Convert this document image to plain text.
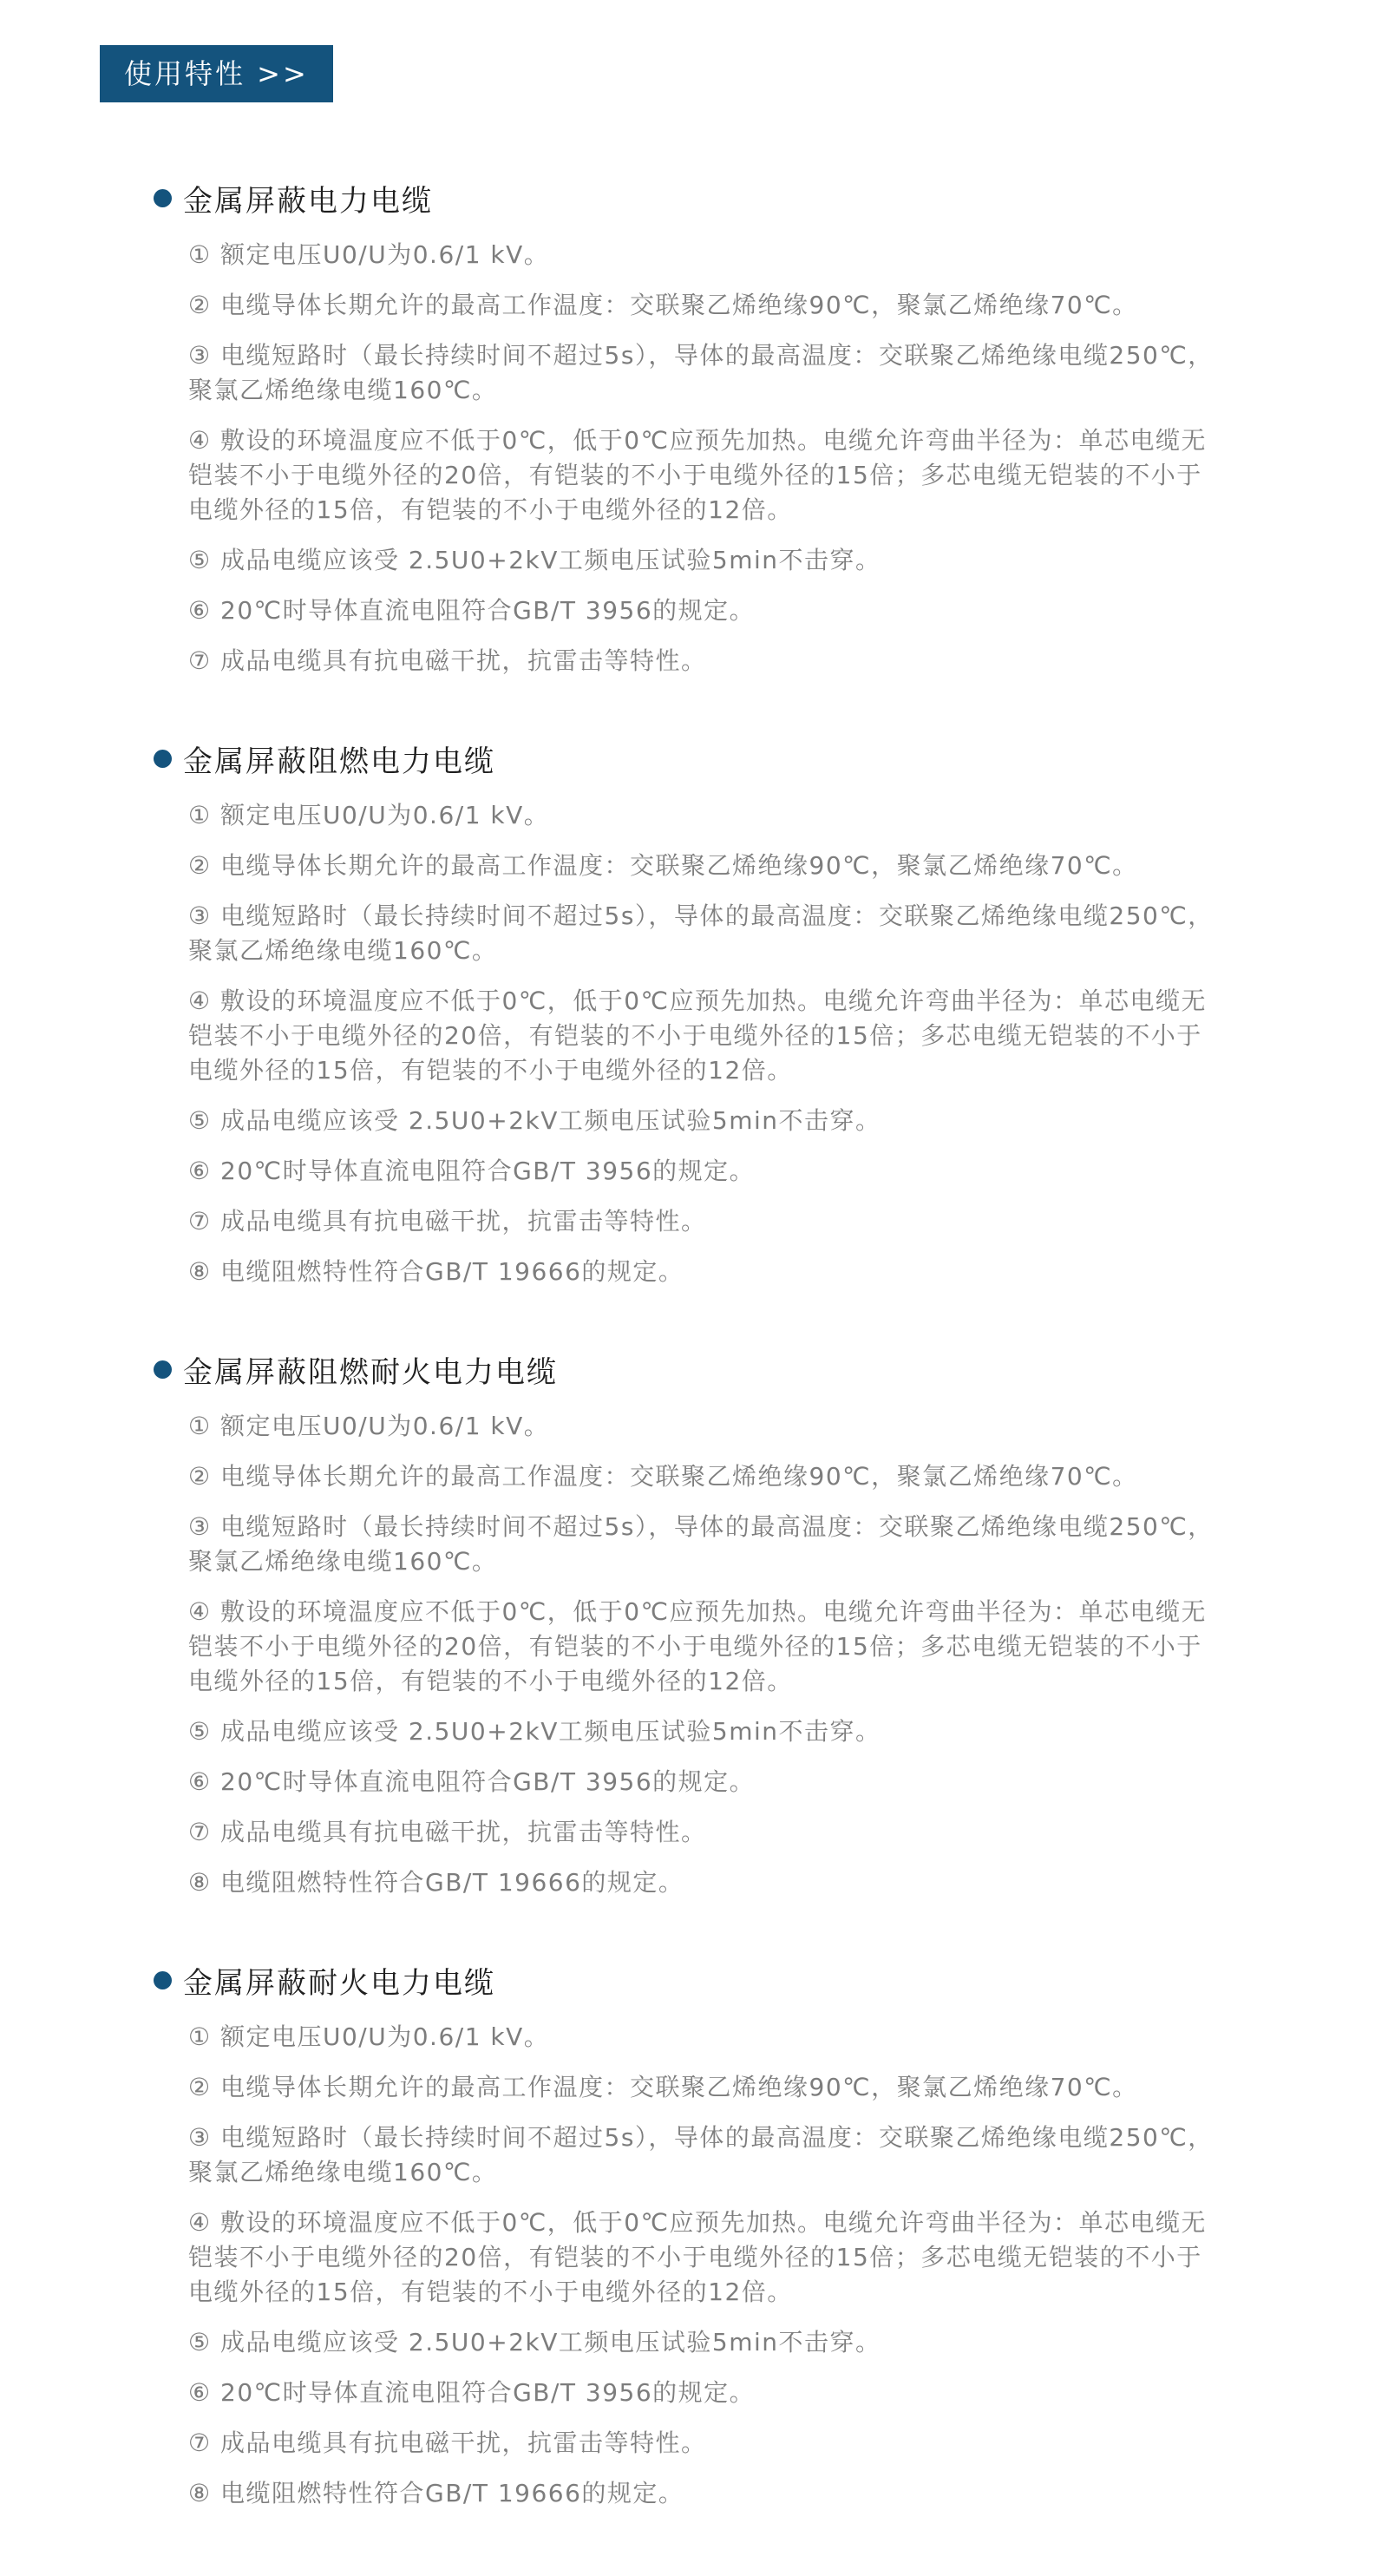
使用特性 >>
金属屏蔽电力电缆

① 额定电压U0/U为0.6/1 kV。

② 电缆导体长期允许的最高工作温度：交联聚乙烯绝缘90℃，聚氯乙烯绝缘70℃。

③ 电缆短路时（最长持续时间不超过5s），导体的最高温度：交联聚乙烯绝缘电缆250℃，聚氯乙烯绝缘电缆160℃。

④ 敷设的环境温度应不低于0℃，低于0℃应预先加热。电缆允许弯曲半径为：单芯电缆无铠装不小于电缆外径的20倍，有铠装的不小于电缆外径的15倍；多芯电缆无铠装的不小于电缆外径的15倍，有铠装的不小于电缆外径的12倍。

⑤ 成品电缆应该受 2.5U0+2kV工频电压试验5min不击穿。

⑥ 20℃时导体直流电阻符合GB/T 3956的规定。

⑦ 成品电缆具有抗电磁干扰，抗雷击等特性。

金属屏蔽阻燃电力电缆

① 额定电压U0/U为0.6/1 kV。

② 电缆导体长期允许的最高工作温度：交联聚乙烯绝缘90℃，聚氯乙烯绝缘70℃。

③ 电缆短路时（最长持续时间不超过5s），导体的最高温度：交联聚乙烯绝缘电缆250℃，聚氯乙烯绝缘电缆160℃。

④ 敷设的环境温度应不低于0℃，低于0℃应预先加热。电缆允许弯曲半径为：单芯电缆无铠装不小于电缆外径的20倍，有铠装的不小于电缆外径的15倍；多芯电缆无铠装的不小于电缆外径的15倍，有铠装的不小于电缆外径的12倍。

⑤ 成品电缆应该受 2.5U0+2kV工频电压试验5min不击穿。

⑥ 20℃时导体直流电阻符合GB/T 3956的规定。

⑦ 成品电缆具有抗电磁干扰，抗雷击等特性。

⑧ 电缆阻燃特性符合GB/T 19666的规定。

金属屏蔽阻燃耐火电力电缆

① 额定电压U0/U为0.6/1 kV。

② 电缆导体长期允许的最高工作温度：交联聚乙烯绝缘90℃，聚氯乙烯绝缘70℃。

③ 电缆短路时（最长持续时间不超过5s），导体的最高温度：交联聚乙烯绝缘电缆250℃，聚氯乙烯绝缘电缆160℃。

④ 敷设的环境温度应不低于0℃，低于0℃应预先加热。电缆允许弯曲半径为：单芯电缆无铠装不小于电缆外径的20倍，有铠装的不小于电缆外径的15倍；多芯电缆无铠装的不小于电缆外径的15倍，有铠装的不小于电缆外径的12倍。

⑤ 成品电缆应该受 2.5U0+2kV工频电压试验5min不击穿。

⑥ 20℃时导体直流电阻符合GB/T 3956的规定。

⑦ 成品电缆具有抗电磁干扰，抗雷击等特性。

⑧ 电缆阻燃特性符合GB/T 19666的规定。

金属屏蔽耐火电力电缆

① 额定电压U0/U为0.6/1 kV。

② 电缆导体长期允许的最高工作温度：交联聚乙烯绝缘90℃，聚氯乙烯绝缘70℃。

③ 电缆短路时（最长持续时间不超过5s），导体的最高温度：交联聚乙烯绝缘电缆250℃，聚氯乙烯绝缘电缆160℃。

④ 敷设的环境温度应不低于0℃，低于0℃应预先加热。电缆允许弯曲半径为：单芯电缆无铠装不小于电缆外径的20倍，有铠装的不小于电缆外径的15倍；多芯电缆无铠装的不小于电缆外径的15倍，有铠装的不小于电缆外径的12倍。

⑤ 成品电缆应该受 2.5U0+2kV工频电压试验5min不击穿。

⑥ 20℃时导体直流电阻符合GB/T 3956的规定。

⑦ 成品电缆具有抗电磁干扰，抗雷击等特性。

⑧ 电缆阻燃特性符合GB/T 19666的规定。
